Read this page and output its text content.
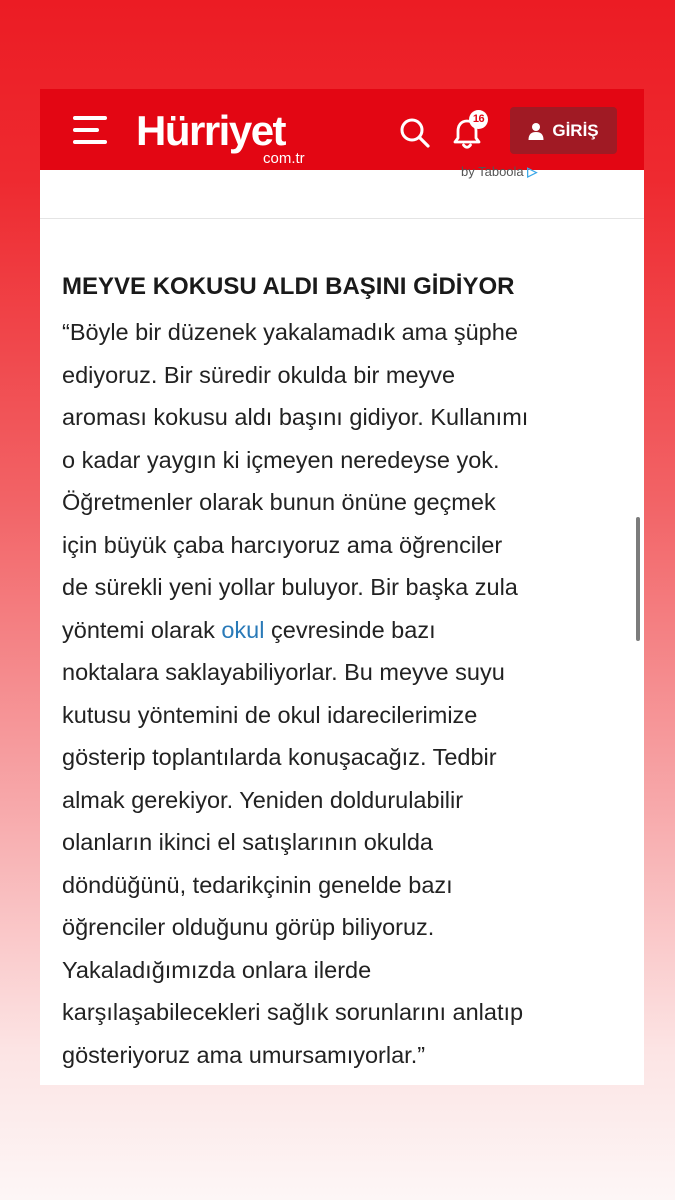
Hürriyet
com.tr
16
GİRİŞ
by Taboola ▷
MEYVE KOKUSU ALDI BAŞINI GİDİYOR
“Böyle bir düzenek yakalamadık ama şüphe
ediyoruz. Bir süredir okulda bir meyve
aroması kokusu aldı başını gidiyor. Kullanımı
o kadar yaygın ki içmeyen neredeyse yok.
Öğretmenler olarak bunun önüne geçmek
için büyük çaba harcıyoruz ama öğrenciler
de sürekli yeni yollar buluyor. Bir başka zula
yöntemi olarak okul çevresinde bazı
noktalara saklayabiliyorlar. Bu meyve suyu
kutusu yöntemini de okul idarecilerimize
gösterip toplantılarda konuşacağız. Tedbir
almak gerekiyor. Yeniden doldurulabilir
olanların ikinci el satışlarının okulda
döndüğünü, tedarikçinin genelde bazı
öğrenciler olduğunu görüp biliyoruz.
Yakaladığımızda onlara ilerde
karşılaşabilecekleri sağlık sorunlarını anlatıp
gösteriyoruz ama umursamıyorlar.”
